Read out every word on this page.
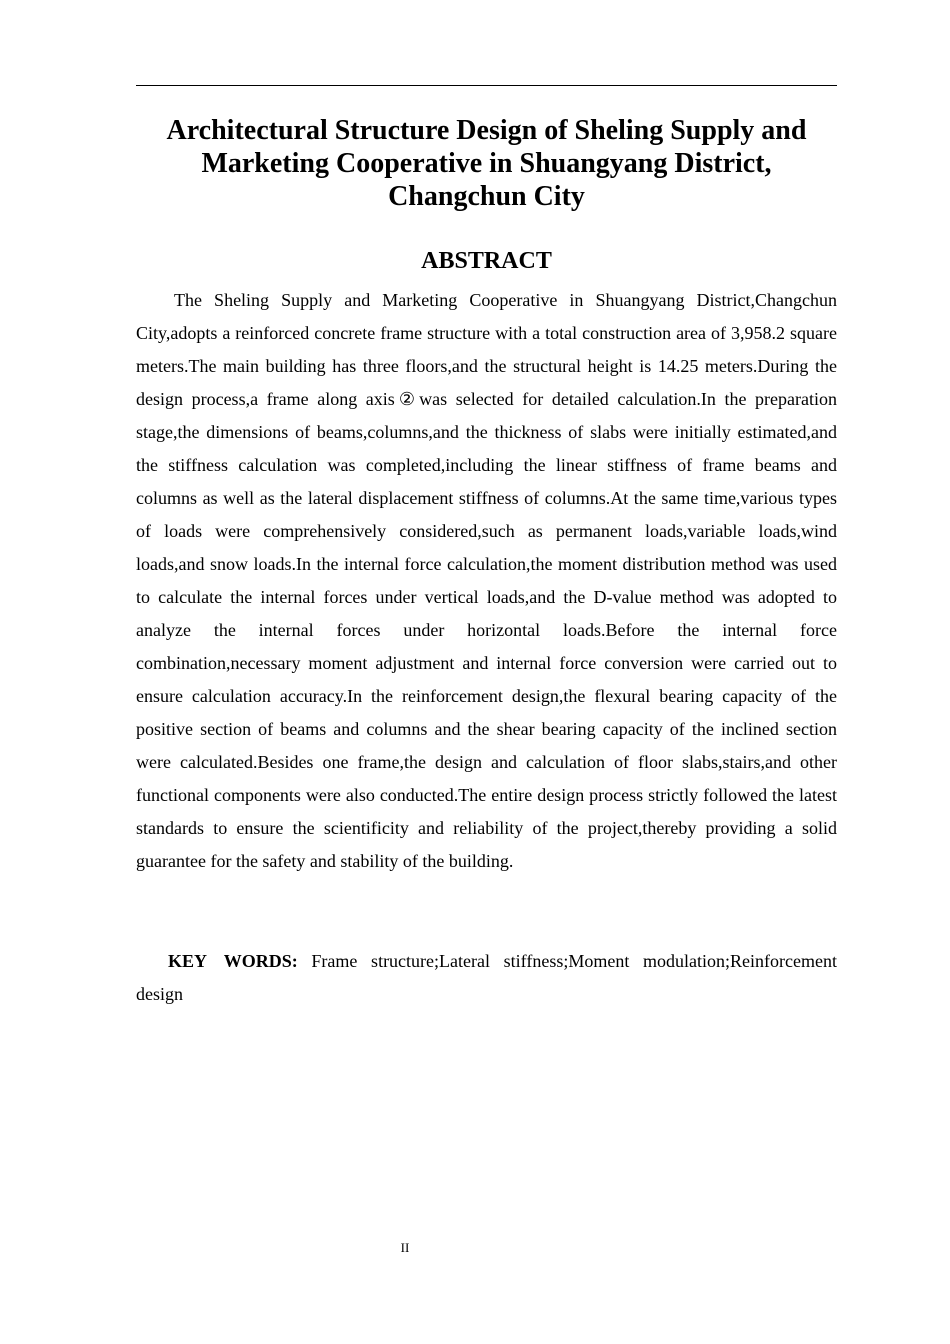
Architectural Structure Design of Sheling Supply and Marketing Cooperative in Shuangyang District, Changchun City
ABSTRACT

The Sheling Supply and Marketing Cooperative in Shuangyang District,Changchun City,adopts a reinforced concrete frame structure with a total construction area of 3,958.2 square meters.The main building has three floors,and the structural height is 14.25 meters.During the design process,a frame along axis②was selected for detailed calculation.In the preparation stage,the dimensions of beams,columns,and the thickness of slabs were initially estimated,and the stiffness calculation was completed,including the linear stiffness of frame beams and columns as well as the lateral displacement stiffness of columns.At the same time,various types of loads were comprehensively considered,such as permanent loads,variable loads,wind loads,and snow loads.In the internal force calculation,the moment distribution method was used to calculate the internal forces under vertical loads,and the D-value method was adopted to analyze the internal forces under horizontal loads.Before the internal force combination,necessary moment adjustment and internal force conversion were carried out to ensure calculation accuracy.In the reinforcement design,the flexural bearing capacity of the positive section of beams and columns and the shear bearing capacity of the inclined section were calculated.Besides one frame,the design and calculation of floor slabs,stairs,and other functional components were also conducted.The entire design process strictly followed the latest standards to ensure the scientificity and reliability of the project,thereby providing a solid guarantee for the safety and stability of the building.

KEY WORDS: Frame structure;Lateral stiffness;Moment modulation;Reinforcement design

II
